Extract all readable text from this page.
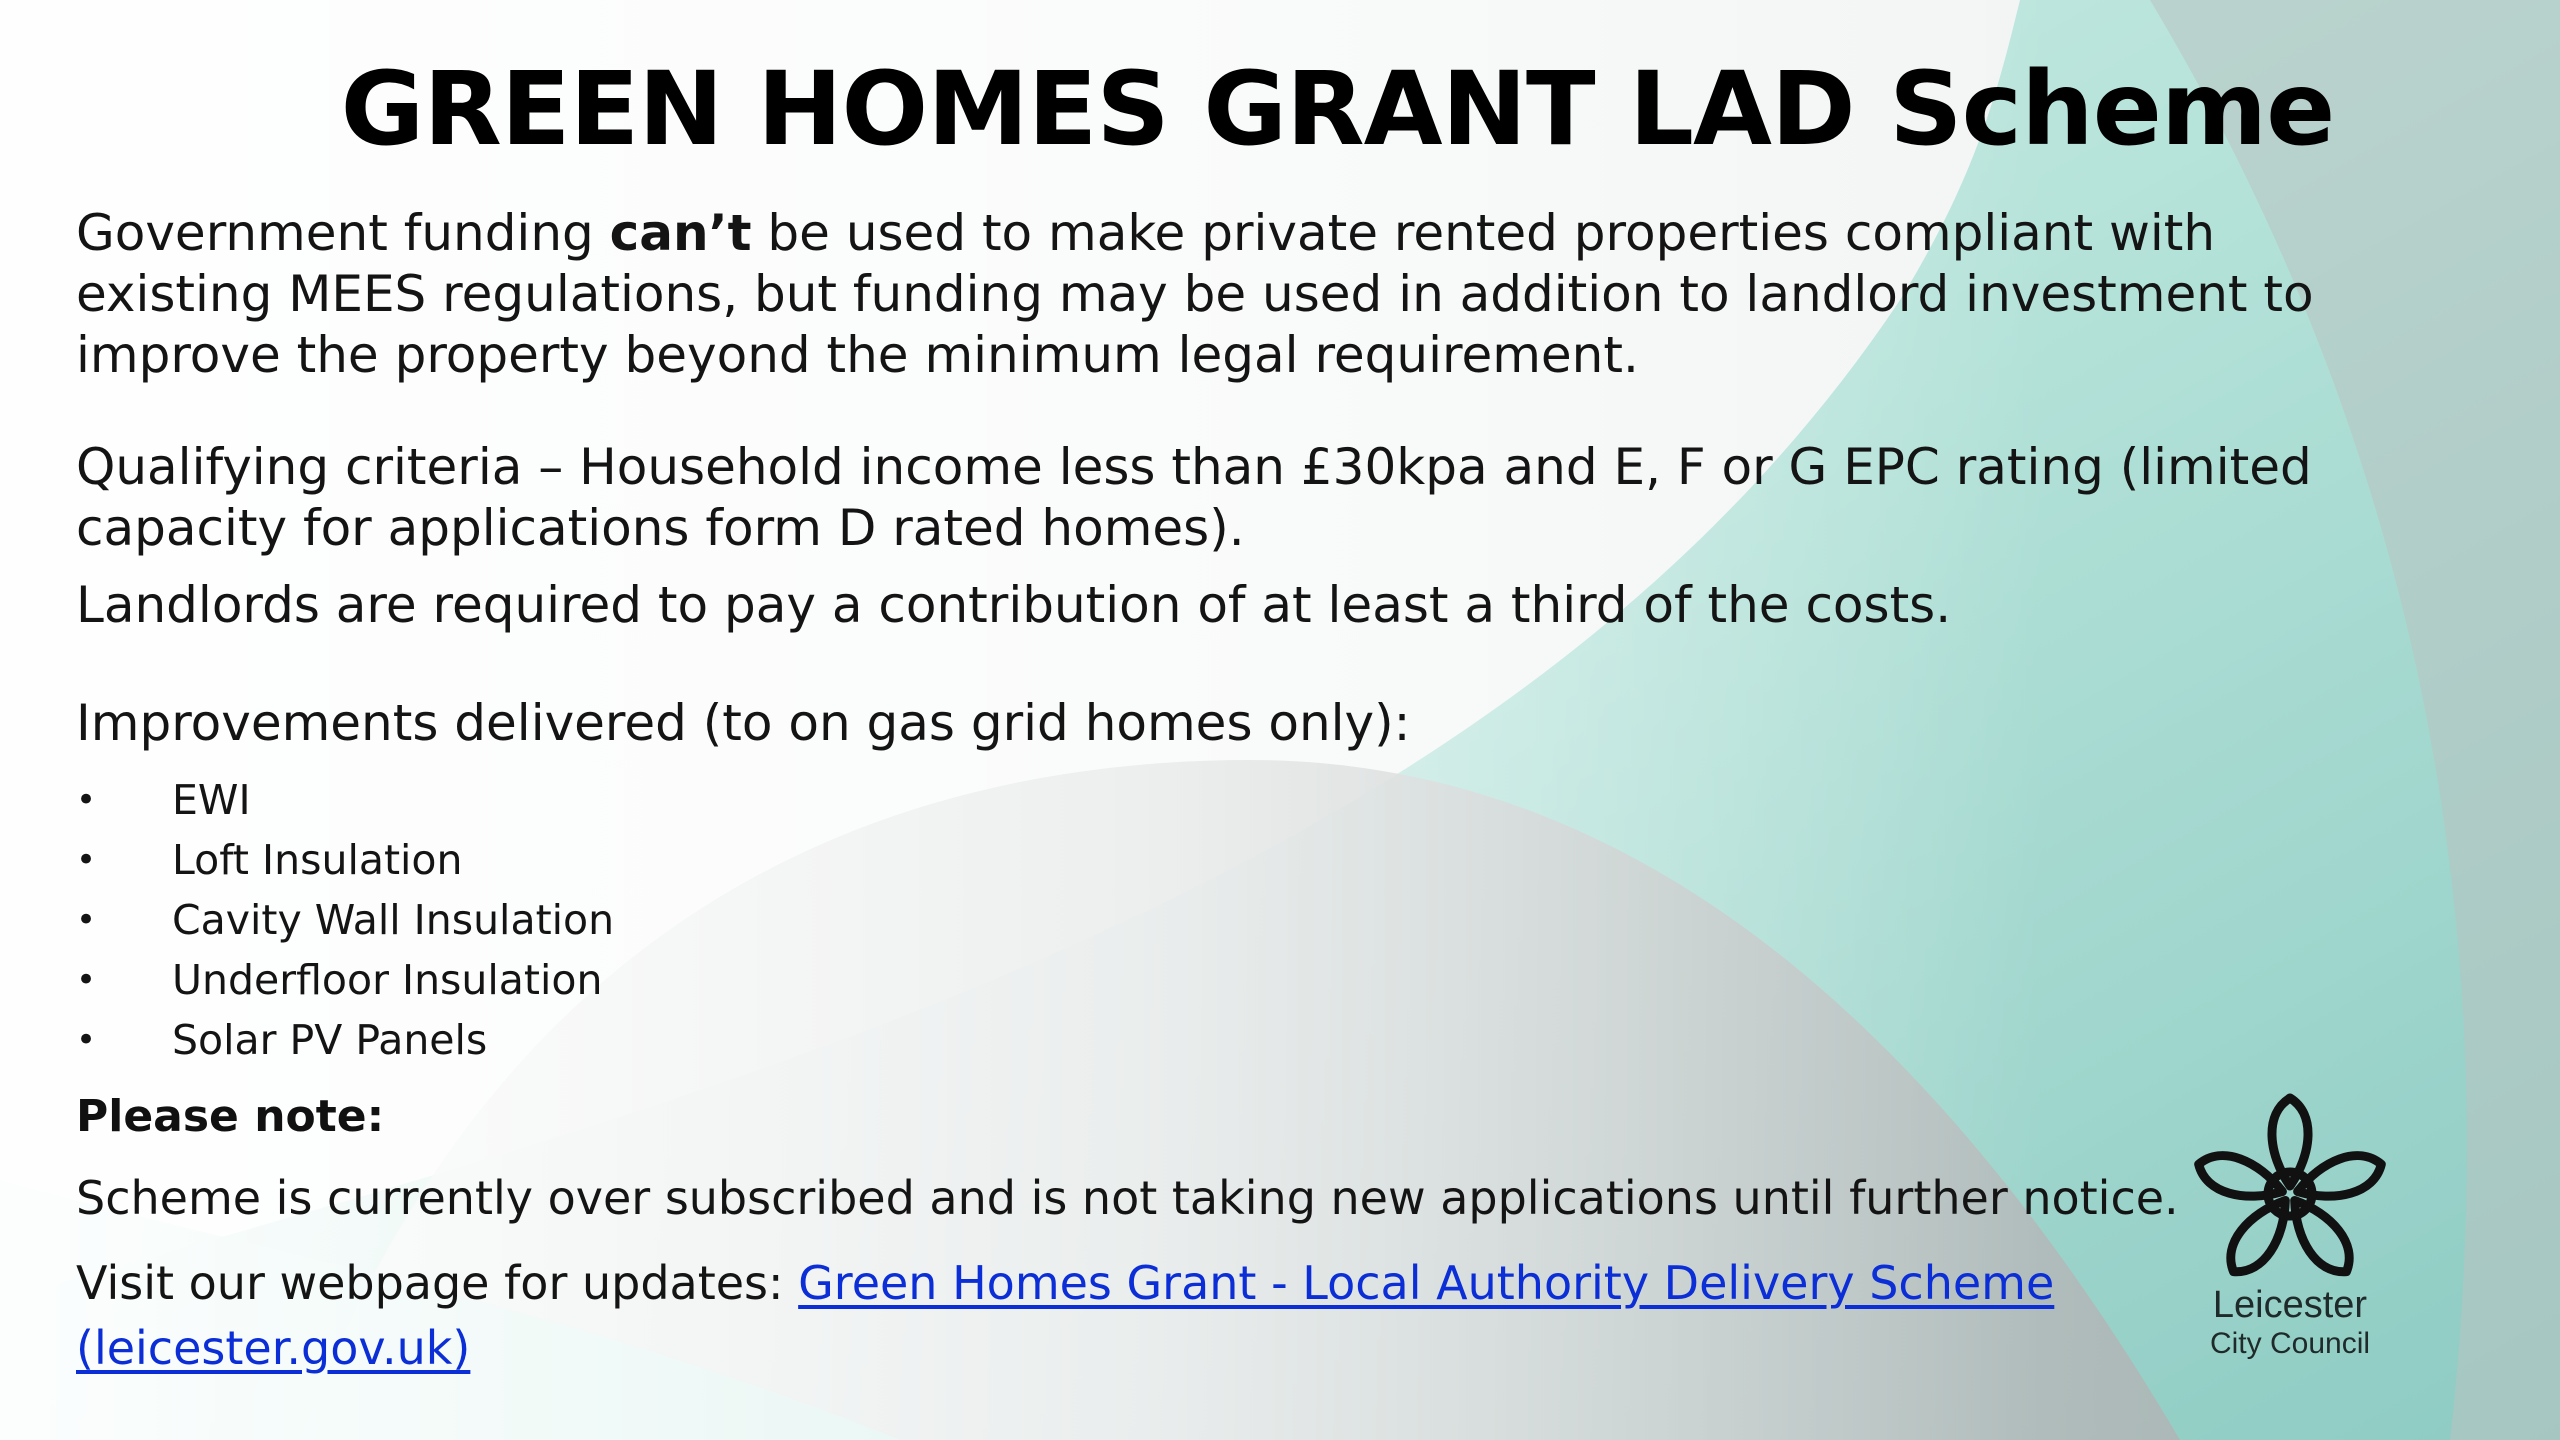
GREEN HOMES GRANT LAD Scheme

Government funding can’t be used to make private rented properties compliant with
existing MEES regulations, but funding may be used in addition to landlord investment to
improve the property beyond the minimum legal requirement.

Qualifying criteria – Household income less than £30kpa and E, F or G EPC rating (limited
capacity for applications form D rated homes).

Landlords are required to pay a contribution of at least a third of the costs.

Improvements delivered (to on gas grid homes only):

• EWI
• Loft Insulation
• Cavity Wall Insulation
• Underfloor Insulation
• Solar PV Panels
Please note:
Scheme is currently over subscribed and is not taking new applications until further notice.
Visit our webpage for updates: Green Homes Grant - Local Authority Delivery Scheme
(leicester.gov.uk)
Leicester
City Council
